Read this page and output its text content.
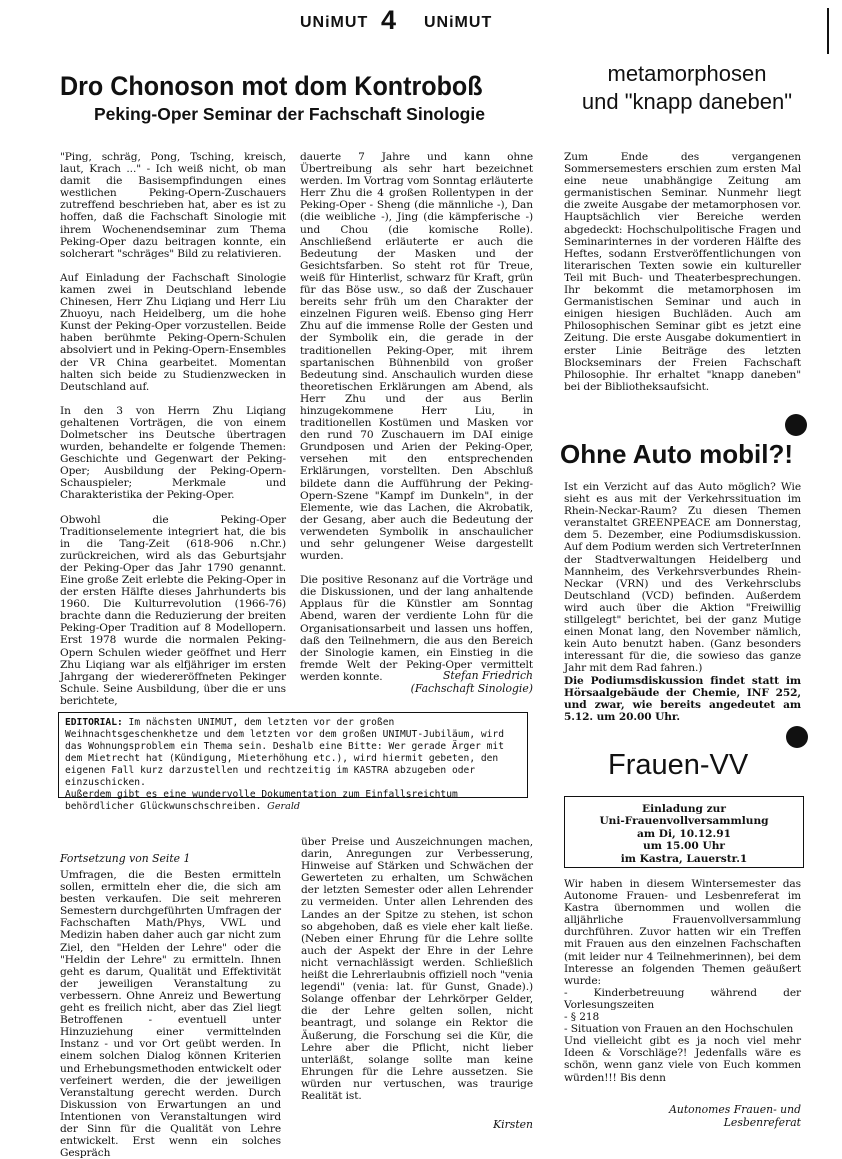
UNiMUT 4 UNiMUT
Dro Chonoson mot dom Kontroboß
Peking-Oper Seminar der Fachschaft Sinologie

"Ping, schräg, Pong, Tsching, kreisch, laut, Krach ..." - Ich weiß nicht, ob man damit die Basisempfindungen eines westlichen Peking-Opern-Zuschauers zutreffend beschrieben hat, aber es ist zu hoffen, daß die Fachschaft Sinologie mit ihrem Wochenendseminar zum Thema Peking-Oper dazu beitragen konnte, ein solcherart "schräges" Bild zu relativieren.

Auf Einladung der Fachschaft Sinologie kamen zwei in Deutschland lebende Chinesen, Herr Zhu Liqiang und Herr Liu Zhuoyu, nach Heidelberg, um die hohe Kunst der Peking-Oper vorzustellen. Beide haben berühmte Peking-Opern-Schulen absolviert und in Peking-Opern-Ensembles der VR China gearbeitet. Momentan halten sich beide zu Studienzwecken in Deutschland auf.

In den 3 von Herrn Zhu Liqiang gehaltenen Vorträgen, die von einem Dolmetscher ins Deutsche übertragen wurden, behandelte er folgende Themen: Geschichte und Gegenwart der Peking-Oper; Ausbildung der Peking-Opern-Schauspieler; Merkmale und Charakteristika der Peking-Oper.

Obwohl die Peking-Oper Traditionselemente integriert hat, die bis in die Tang-Zeit (618-906 n.Chr.) zurückreichen, wird als das Geburtsjahr der Peking-Oper das Jahr 1790 genannt. Eine große Zeit erlebte die Peking-Oper in der ersten Hälfte dieses Jahrhunderts bis 1960. Die Kulturrevolution (1966-76) brachte dann die Reduzierung der breiten Peking-Oper Tradition auf 8 Modellopern. Erst 1978 wurde die normalen Peking-Opern Schulen wieder geöffnet und Herr Zhu Liqiang war als elfjähriger im ersten Jahrgang der wiedereröffneten Pekinger Schule. Seine Ausbildung, über die er uns berichtete,

dauerte 7 Jahre und kann ohne Übertreibung als sehr hart bezeichnet werden. Im Vortrag vom Sonntag erläuterte Herr Zhu die 4 großen Rollentypen in der Peking-Oper - Sheng (die männliche -), Dan (die weibliche -), Jing (die kämpferische -) und Chou (die komische Rolle). Anschließend erläuterte er auch die Bedeutung der Masken und der Gesichtsfarben. So steht rot für Treue, weiß für Hinterlist, schwarz für Kraft, grün für das Böse usw., so daß der Zuschauer bereits sehr früh um den Charakter der einzelnen Figuren weiß. Ebenso ging Herr Zhu auf die immense Rolle der Gesten und der Symbolik ein, die gerade in der traditionellen Peking-Oper, mit ihrem spartanischen Bühnenbild von großer Bedeutung sind. Anschaulich wurden diese theoretischen Erklärungen am Abend, als Herr Zhu und der aus Berlin hinzugekommene Herr Liu, in traditionellen Kostümen und Masken vor den rund 70 Zuschauern im DAI einige Grundposen und Arien der Peking-Oper, versehen mit den entsprechenden Erklärungen, vorstellten. Den Abschluß bildete dann die Aufführung der Peking-Opern-Szene "Kampf im Dunkeln", in der Elemente, wie das Lachen, die Akrobatik, der Gesang, aber auch die Bedeutung der verwendeten Symbolik in anschaulicher und sehr gelungener Weise dargestellt wurden.

Die positive Resonanz auf die Vorträge und die Diskussionen, und der lang anhaltende Applaus für die Künstler am Sonntag Abend, waren der verdiente Lohn für die Organisationsarbeit und lassen uns hoffen, daß den Teilnehmern, die aus den Bereich der Sinologie kamen, ein Einstieg in die fremde Welt der Peking-Oper vermittelt werden konnte.	Stefan Friedrich
(Fachschaft Sinologie)
EDITORIAL: Im nächsten UNIMUT, dem letzten vor der großen Weihnachtsgeschenkhetze und dem letzten vor dem großen UNIMUT-Jubiläum, wird das Wohnungsproblem ein Thema sein. Deshalb eine Bitte: Wer gerade Ärger mit dem Mietrecht hat (Kündigung, Mieterhöhung etc.), wird hiermit gebeten, den eigenen Fall kurz darzustellen und rechtzeitig im KASTRA abzugeben oder einzuschicken.
Außerdem gibt es eine wundervolle Dokumentation zum Einfallsreichtum behördlicher Glückwunschschreiben. Gerald
Fortsetzung von Seite 1
Umfragen, die die Besten ermitteln sollen, ermitteln eher die, die sich am besten verkaufen. Die seit mehreren Semestern durchgeführten Umfragen der Fachschaften Math/Phys, VWL und Medizin haben daher auch gar nicht zum Ziel, den "Helden der Lehre" oder die "Heldin der Lehre" zu ermitteln. Ihnen geht es darum, Qualität und Effektivität der jeweiligen Veranstaltung zu verbessern. Ohne Anreiz und Bewertung geht es freilich nicht, aber das Ziel liegt Betroffenen - eventuell unter Hinzuziehung einer vermittelnden Instanz - und vor Ort geübt werden. In einem solchen Dialog können Kriterien und Erhebungsmethoden entwickelt oder verfeinert werden, die der jeweiligen Veranstaltung gerecht werden. Durch Diskussion von Erwartungen an und Intentionen von Veranstaltungen wird der Sinn für die Qualität von Lehre entwickelt. Erst wenn ein solches Gespräch
über Preise und Auszeichnungen machen, darin, Anregungen zur Verbesserung, Hinweise auf Stärken und Schwächen der Gewerteten zu erhalten, um Schwächen der letzten Semester oder allen Lehrender zu vermeiden. Unter allen Lehrenden des Landes an der Spitze zu stehen, ist schon so abgehoben, daß es viele eher kalt ließe. (Neben einer Ehrung für die Lehre sollte auch der Aspekt der Ehre in der Lehre nicht vernachlässigt werden. Schließlich heißt die Lehrerlaubnis offiziell noch "venia legendi" (venia: lat. für Gunst, Gnade).) Solange offenbar der Lehrkörper Gelder, die der Lehre gelten sollen, nicht beantragt, und solange ein Rektor die Äußerung, die Forschung sei die Kür, die Lehre aber die Pflicht, nicht lieber unterläßt, solange sollte man keine Ehrungen für die Lehre aussetzen. Sie würden nur vertuschen, was traurige Realität ist.
Kirsten
metamorphosen
und "knapp daneben"
Zum Ende des vergangenen Sommersemesters erschien zum ersten Mal eine neue unabhängige Zeitung am germanistischen Seminar. Nunmehr liegt die zweite Ausgabe der metamorphosen vor. Hauptsächlich vier Bereiche werden abgedeckt: Hochschulpolitische Fragen und Seminarinternes in der vorderen Hälfte des Heftes, sodann Erstveröffentlichungen von literarischen Texten sowie ein kultureller Teil mit Buch- und Theaterbesprechungen. Ihr bekommt die metamorphosen im Germanistischen Seminar und auch in einigen hiesigen Buchläden. Auch am Philosophischen Seminar gibt es jetzt eine Zeitung. Die erste Ausgabe dokumentiert in erster Linie Beiträge des letzten Blockseminars der Freien Fachschaft Philosophie. Ihr erhaltet "knapp daneben" bei der Bibliotheksaufsicht.
Ohne Auto mobil?!

Ist ein Verzicht auf das Auto möglich? Wie sieht es aus mit der Verkehrssituation im Rhein-Neckar-Raum? Zu diesen Themen veranstaltet GREENPEACE am Donnerstag, dem 5. Dezember, eine Podiumsdiskussion. Auf dem Podium werden sich VertreterInnen der Stadtverwaltungen Heidelberg und Mannheim, des Verkehrsverbundes Rhein-Neckar (VRN) und des Verkehrsclubs Deutschland (VCD) befinden. Außerdem wird auch über die Aktion "Freiwillig stillgelegt" berichtet, bei der ganz Mutige einen Monat lang, den November nämlich, kein Auto benutzt haben. (Ganz besonders interessant für die, die sowieso das ganze Jahr mit dem Rad fahren.)

Die Podiumsdiskussion findet statt im Hörsaalgebäude der Chemie, INF 252, und zwar, wie bereits angedeutet am 5.12. um 20.00 Uhr.

Frauen-VV
Einladung zur
Uni-Frauenvollversammlung
am Di, 10.12.91
um 15.00 Uhr
im Kastra, Lauerstr.1
Wir haben in diesem Wintersemester das Autonome Frauen- und Lesbenreferat im Kastra übernommen und wollen die alljährliche Frauenvollversammlung durchführen. Zuvor hatten wir ein Treffen mit Frauen aus den einzelnen Fachschaften (mit leider nur 4 Teilnehmerinnen), bei dem Interesse an folgenden Themen geäußert wurde:
- Kinderbetreuung während der Vorlesungszeiten
- § 218
- Situation von Frauen an den Hochschulen
Und vielleicht gibt es ja noch viel mehr Ideen & Vorschläge?! Jedenfalls wäre es schön, wenn ganz viele von Euch kommen würden!!! Bis denn
Autonomes Frauen- und
Lesbenreferat
